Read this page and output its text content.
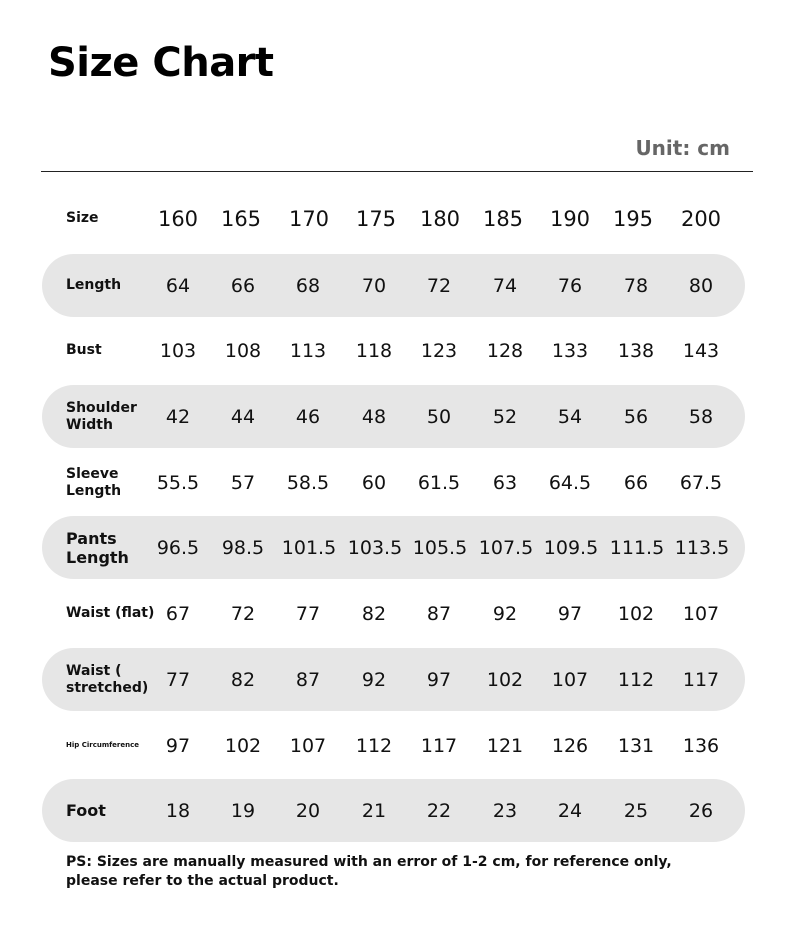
Size Chart
Unit: cm
Size	160	165	170	175	180	185	190	195	200
Length	64	66	68	70	72	74	76	78	80
Bust	103	108	113	118	123	128	133	138	143
Shoulder Width	42	44	46	48	50	52	54	56	58
Sleeve Length	55.5	57	58.5	60	61.5	63	64.5	66	67.5
Pants Length	96.5	98.5 101.5 103.5 105.5 107.5 109.5 111.5 113.5
Waist (flat) 67	72	77	82	87	92	97	102	107
Waist ( stretched) 77	82	87	92	97	102	107	112	117
Hip Circumference	97	102	107	112	117	121	126	131	136
Foot	18	19	20	21	22	23	24	25	26
PS: Sizes are manually measured with an error of 1-2 cm, for reference only, please refer to the actual product.
